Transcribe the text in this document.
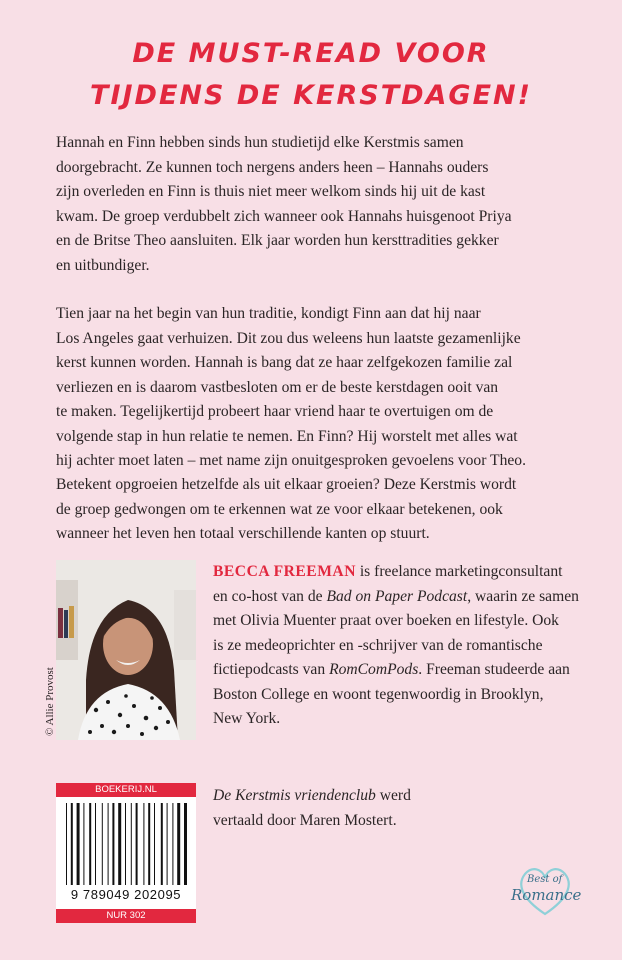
DE MUST-READ VOOR
TIJDENS DE KERSTDAGEN!
Hannah en Finn hebben sinds hun studietijd elke Kerstmis samen
doorgebracht. Ze kunnen toch nergens anders heen – Hannahs ouders
zijn overleden en Finn is thuis niet meer welkom sinds hij uit de kast
kwam. De groep verdubbelt zich wanneer ook Hannahs huisgenoot Priya
en de Britse Theo aansluiten. Elk jaar worden hun kersttradities gekker
en uitbundiger.
Tien jaar na het begin van hun traditie, kondigt Finn aan dat hij naar
Los Angeles gaat verhuizen. Dit zou dus weleens hun laatste gezamenlijke
kerst kunnen worden. Hannah is bang dat ze haar zelfgekozen familie zal
verliezen en is daarom vastbesloten om er de beste kerstdagen ooit van
te maken. Tegelijkertijd probeert haar vriend haar te overtuigen om de
volgende stap in hun relatie te nemen. En Finn? Hij worstelt met alles wat
hij achter moet laten – met name zijn onuitgesproken gevoelens voor Theo.
Betekent opgroeien hetzelfde als uit elkaar groeien? Deze Kerstmis wordt
de groep gedwongen om te erkennen wat ze voor elkaar betekenen, ook
wanneer het leven hen totaal verschillende kanten op stuurt.
© Allie Provost
BECCA FREEMAN is freelance marketingconsultant
en co-host van de Bad on Paper Podcast, waarin ze samen
met Olivia Muenter praat over boeken en lifestyle. Ook
is ze medeoprichter en -schrijver van de romantische
fictiepodcasts van RomComPods. Freeman studeerde aan
Boston College en woont tegenwoordig in Brooklyn,
New York.
BOEKERIJ.NL
9 789049 202095
NUR 302
De Kerstmis vriendenclub werd
vertaald door Maren Mostert.
Best of
Romance
